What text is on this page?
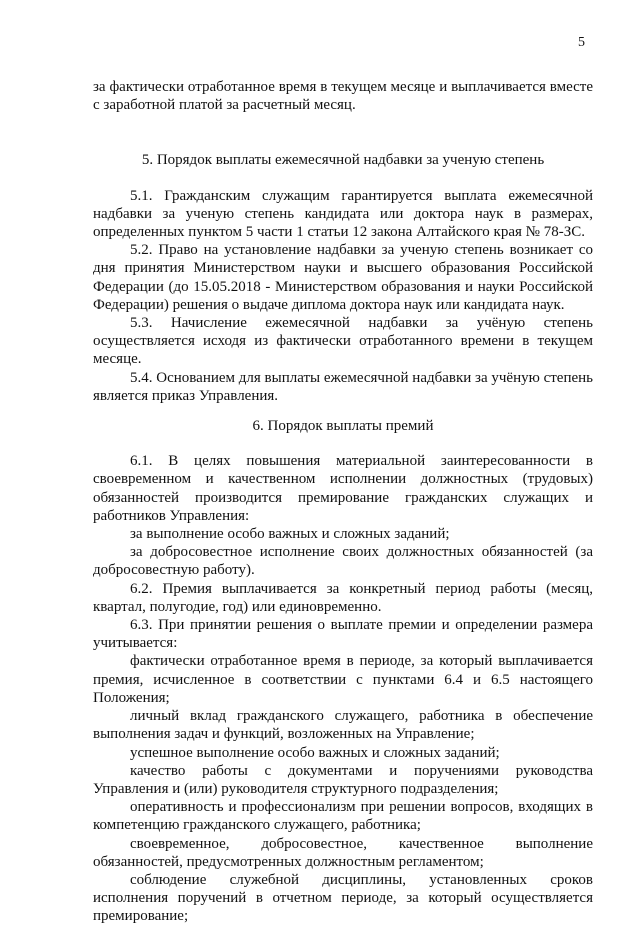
5

за фактически отработанное время в текущем месяце и выплачивается вместе с заработной платой за расчетный месяц.

5. Порядок выплаты ежемесячной надбавки за ученую степень

5.1. Гражданским служащим гарантируется выплата ежемесячной надбавки за ученую степень кандидата или доктора наук в размерах, определенных пунктом 5 части 1 статьи 12 закона Алтайского края № 78-ЗС.

5.2. Право на установление надбавки за ученую степень возникает со дня принятия Министерством науки и высшего образования Российской Федерации (до 15.05.2018 - Министерством образования и науки Российской Федерации) решения о выдаче диплома доктора наук или кандидата наук.

5.3. Начисление ежемесячной надбавки за учёную степень осуществляется исходя из фактически отработанного времени в текущем месяце.

5.4. Основанием для выплаты ежемесячной надбавки за учёную степень является приказ Управления.

6. Порядок выплаты премий

6.1. В целях повышения материальной заинтересованности в своевременном и качественном исполнении должностных (трудовых) обязанностей производится премирование гражданских служащих и работников Управления:

за выполнение особо важных и сложных заданий;

за добросовестное исполнение своих должностных обязанностей (за добросовестную работу).

6.2. Премия выплачивается за конкретный период работы (месяц, квартал, полугодие, год) или единовременно.

6.3. При принятии решения о выплате премии и определении размера учитывается:

фактически отработанное время в периоде, за который выплачивается премия, исчисленное в соответствии с пунктами 6.4 и 6.5 настоящего Положения;

личный вклад гражданского служащего, работника в обеспечение выполнения задач и функций, возложенных на Управление;

успешное выполнение особо важных и сложных заданий;

качество работы с документами и поручениями руководства Управления и (или) руководителя структурного подразделения;

оперативность и профессионализм при решении вопросов, входящих в компетенцию гражданского служащего, работника;

своевременное, добросовестное, качественное выполнение обязанностей, предусмотренных должностным регламентом;

соблюдение служебной дисциплины, установленных сроков исполнения поручений в отчетном периоде, за который осуществляется премирование;
